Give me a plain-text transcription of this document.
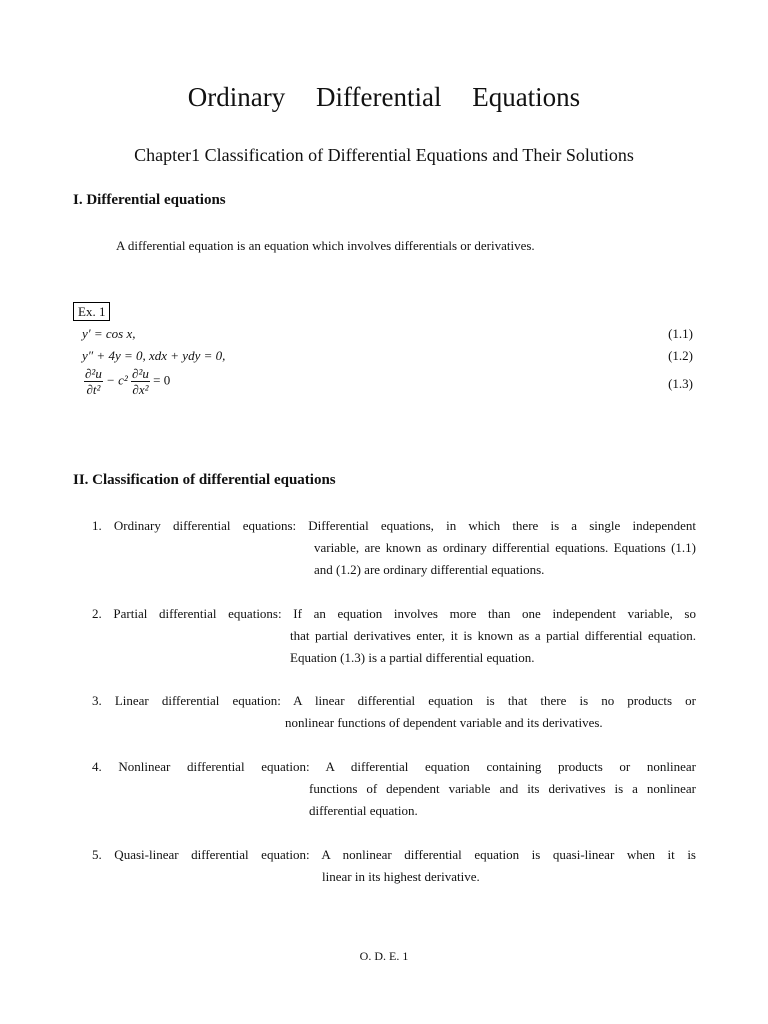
Ordinary Differential Equations
Chapter1 Classification of Differential Equations and Their Solutions
I. Differential equations
A differential equation is an equation which involves differentials or derivatives.
Ex. 1
y′ = cos x,	(1.1)
y″ + 4y = 0, xdx + ydy = 0,	(1.2)
$\frac{\text{∂²u}}{\text{∂t²}} - c^2 \frac{\text{∂²u}}{\text{∂x²}} = 0$	(1.3)
II. Classification of differential equations
1. Ordinary differential equations: Differential equations, in which there is a single independent
variable, are known as ordinary differential equations. Equations (1.1) and (1.2) are ordinary differential equations.
2. Partial differential equations: If an equation involves more than one independent variable, so
that partial derivatives enter, it is known as a partial differential equation. Equation (1.3) is a partial differential equation.
3. Linear differential equation: A linear differential equation is that there is no products or
nonlinear functions of dependent variable and its derivatives.
4. Nonlinear differential equation: A differential equation containing products or nonlinear
functions of dependent variable and its derivatives is a nonlinear differential equation.
5. Quasi-linear differential equation: A nonlinear differential equation is quasi-linear when it is
linear in its highest derivative.
O. D. E. 1
